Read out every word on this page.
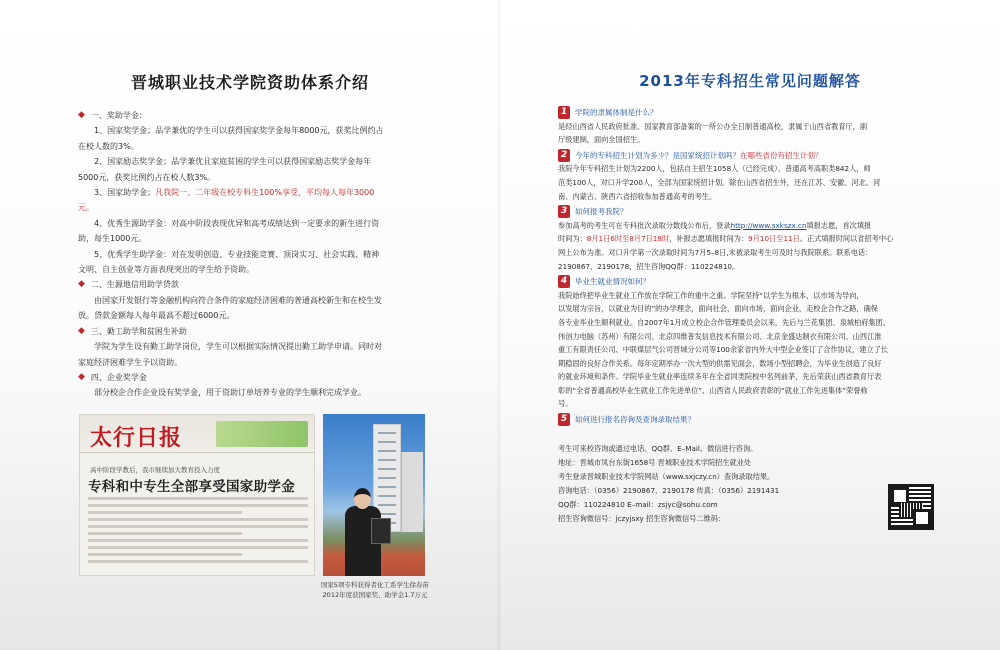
晋城职业技术学院资助体系介绍

◆ 一、奖助学金：

1、国家奖学金；品学兼优的学生可以获得国家奖学金每年8000元，获奖比例约占

在校人数的3%。

2、国家励志奖学金；品学兼优且家庭贫困的学生可以获得国家励志奖学金每年

5000元，获奖比例约占在校人数3%。

3、国家助学金；凡我院一、二年级在校专科生100%享受，平均每人每年3000

元。

4、优秀生源助学金：对高中阶段表现优异和高考成绩达到一定要求的新生进行资

助，每生1000元。

5、优秀学生助学金：对在发明创造、专业技能竞赛、顶岗实习、社会实践、精神

文明、自主创业等方面表现突出的学生给予资助。

◆ 二、生源地信用助学贷款

由国家开发银行等金融机构向符合条件的家庭经济困难的普通高校新生和在校生发

放。贷款金额每人每年最高不超过6000元。

◆ 三、勤工助学和贫困生补助

学院为学生设有勤工助学岗位，学生可以根据实际情况提出勤工助学申请。同时对

家庭经济困难学生予以资助。

◆ 四、企业奖学金

部分校企合作企业设有奖学金，用于资助订单培养专业的学生顺利完成学业。

太行日报
高中阶段学教后，我市继续加大教育投入力度
专科和中专生全部享受国家助学金
国家5项专科获得者化工系学生徐春苗
2012年度获国家奖、助学金1.7万元
2013年专科招生常见问题解答
1	学院的隶属体制是什么？

是经山西省人民政府批准、国家教育部备案的一所公办全日制普通高校，隶属于山西省教育厅，副

厅级建制，面向全国招生。

2	今年的专科招生计划为多少？是国家统招计划吗？在哪些省份有招生计划？

我院今年专科招生计划为2200人，包括自主招生1058人（已经完成），普通高考高职类842人，师

范类100人，对口升学200人，全部为国家统招计划。除在山西省招生外，还在江苏、安徽、河北、河

南、内蒙古、陕西六省招收参加普通高考的考生。

3	如何报考我院？

参加高考的考生可在专科批次录取分数线公布后，登录http://www.sxkszx.cn填报志愿，首次填报

时间为：8月1日6时至8月7日18时，补报志愿填报时间为：9月10日至11日。正式填报时间以省招考中心

网上公布为准。对口升学第一次录取时间为7月5–8日,未被录取考生可及时与我院联系。联系电话：

2190867、2190178，招生咨询QQ群：110224810。

4	毕业生就业情况如何？

我院始终把毕业生就业工作放在学院工作的重中之重。学院坚持“以学生为根本，以市场为导向，

以发展为宗旨，以就业为目的”的办学理念，面向社会，面向市场，面向企业，走校企合作之路，确保

各专业毕业生顺利就业。自2007年1月成立校企合作管理委员会以来，先后与兰花集团、泉城柏府集团、

伟创力电脑（苏州）有限公司、北京四维普发信息技术有限公司、北京金盛达制衣有限公司、山西江淮

重工有限责任公司、中联煤层气公司晋城分公司等100余家省内外大中型企业签订了合作协议，建立了长

期稳固的良好合作关系。每年定期举办一次大型的供需见面会，数场小型招聘会，为毕业生创造了良好

的就业环境和条件。学院毕业生就业率连续多年在全省同类院校中名列前茅，先后荣获山西省教育厅表

彰的“全省普通高校毕业生就业工作先进单位”、山西省人民政府表彰的“就业工作先进集体”荣誉称

号。

5	如何进行报名咨询及查询录取结果？

考生可来校咨询或通过电话、QQ群、E–Mail、微信进行咨询。

地址：晋城市凤台东街1658号 晋城职业技术学院招生就业处

考生登录晋城职业技术学院网站（www.sxjczy.cn）查询录取结果。

咨询电话：（0356）2190867、2190178 传真：（0356）2191431

QQ群：110224810 E–mail：zsjyc@sohu.com

招生咨询微信号：jczyjsxy 招生咨询微信号二维码：
